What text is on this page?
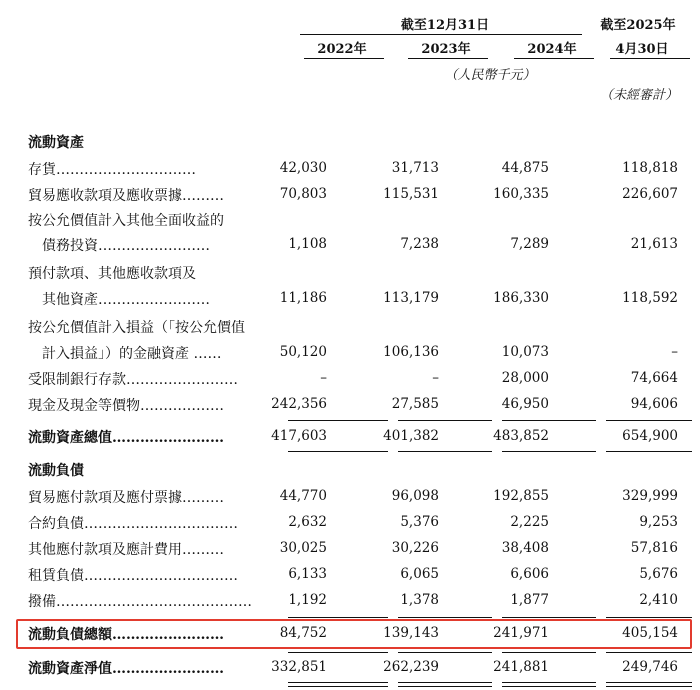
截至12月31日	截至2025年
2022年	2023年	2024年	4月30日
（人民幣千元）
（未經審計）
流動資產
存貨…………………………	42,030	31,713	44,875	118,818
貿易應收款項及應收票據………	70,803	115,531	160,335	226,607
按公允價值計入其他全面收益的
債務投資……………………	1,108	7,238	7,289	21,613
預付款項、其他應收款項及
其他資產……………………	11,186	113,179	186,330	118,592
按公允價值計入損益（「按公允價值
計入損益」）的金融資產 ……	50,120	106,136	10,073	–
受限制銀行存款……………………	–	–	28,000	74,664
現金及現金等價物………………	242,356	27,585	46,950	94,606
流動資產總值……………………	417,603	401,382	483,852	654,900
流動負債
貿易應付款項及應付票據………	44,770	96,098	192,855	329,999
合約負債……………………………	2,632	5,376	2,225	9,253
其他應付款項及應計費用………	30,025	30,226	38,408	57,816
租賃負債……………………………	6,133	6,065	6,606	5,676
撥備……………………………………	1,192	1,378	1,877	2,410
流動負債總額……………………	84,752	139,143	241,971	405,154
流動資產淨值……………………	332,851	262,239	241,881	249,746
